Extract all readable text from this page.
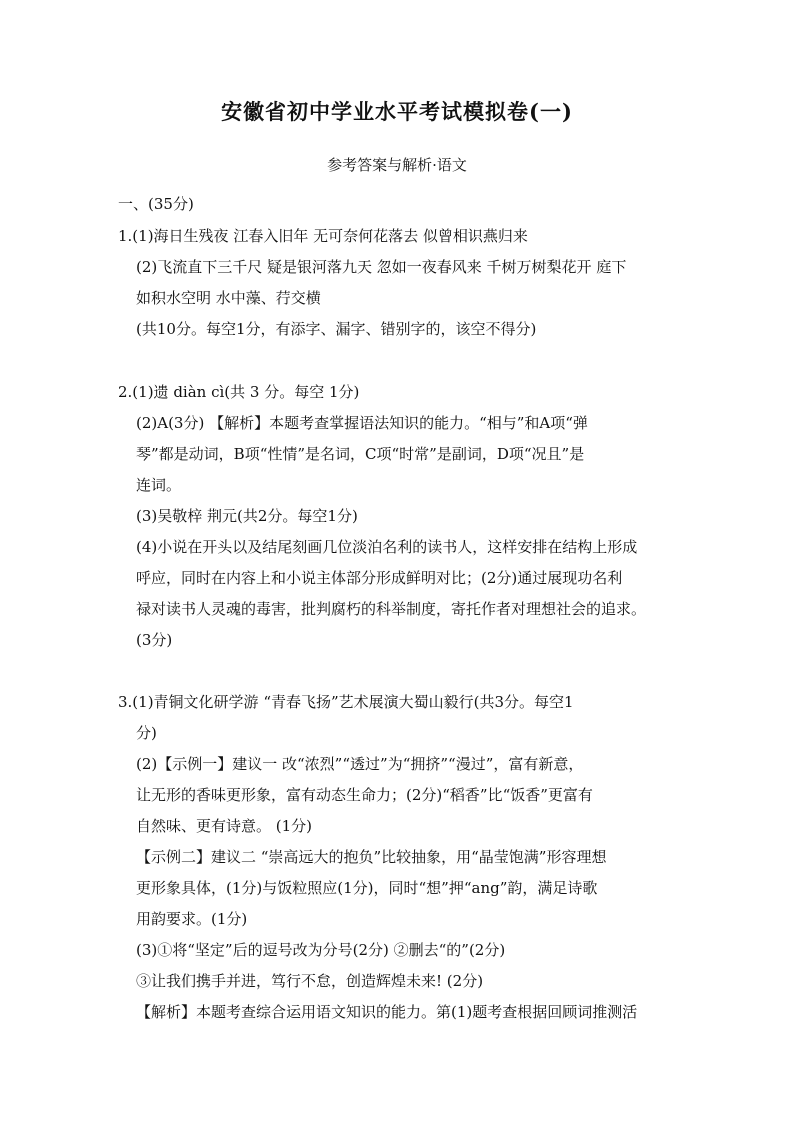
安徽省初中学业水平考试模拟卷(一)
参考答案与解析·语文
一、(35分)
1.(1)海日生残夜 江春入旧年 无可奈何花落去 似曾相识燕归来
(2)飞流直下三千尺 疑是银河落九天 忽如一夜春风来 千树万树梨花开 庭下
如积水空明 水中藻、荇交横
(共10分。每空1分，有添字、漏字、错别字的，该空不得分)
2.(1)遗 diàn cì(共 3 分。每空 1分)
(2)A(3分) 【解析】本题考查掌握语法知识的能力。“相与”和A项“弹
琴”都是动词，B项“性情”是名词，C项“时常”是副词，D项“况且”是
连词。
(3)吴敬梓 荆元(共2分。每空1分)
(4)小说在开头以及结尾刻画几位淡泊名利的读书人，这样安排在结构上形成
呼应，同时在内容上和小说主体部分形成鲜明对比；(2分)通过展现功名利
禄对读书人灵魂的毒害，批判腐朽的科举制度，寄托作者对理想社会的追求。
(3分)
3.(1)青铜文化研学游 “青春飞扬”艺术展演大蜀山毅行(共3分。每空1
分)
(2)【示例一】建议一 改“浓烈”“透过”为“拥挤”“漫过”，富有新意，
让无形的香味更形象，富有动态生命力；(2分)“稻香”比“饭香”更富有
自然味、更有诗意。 (1分)
【示例二】建议二 “崇高远大的抱负”比较抽象，用“晶莹饱满”形容理想
更形象具体，(1分)与饭粒照应(1分)，同时“想”押“ang”韵，满足诗歌
用韵要求。(1分)
(3)①将“坚定”后的逗号改为分号(2分) ②删去“的”(2分)
③让我们携手并进，笃行不怠，创造辉煌未来! (2分)
【解析】本题考查综合运用语文知识的能力。第(1)题考查根据回顾词推测活
